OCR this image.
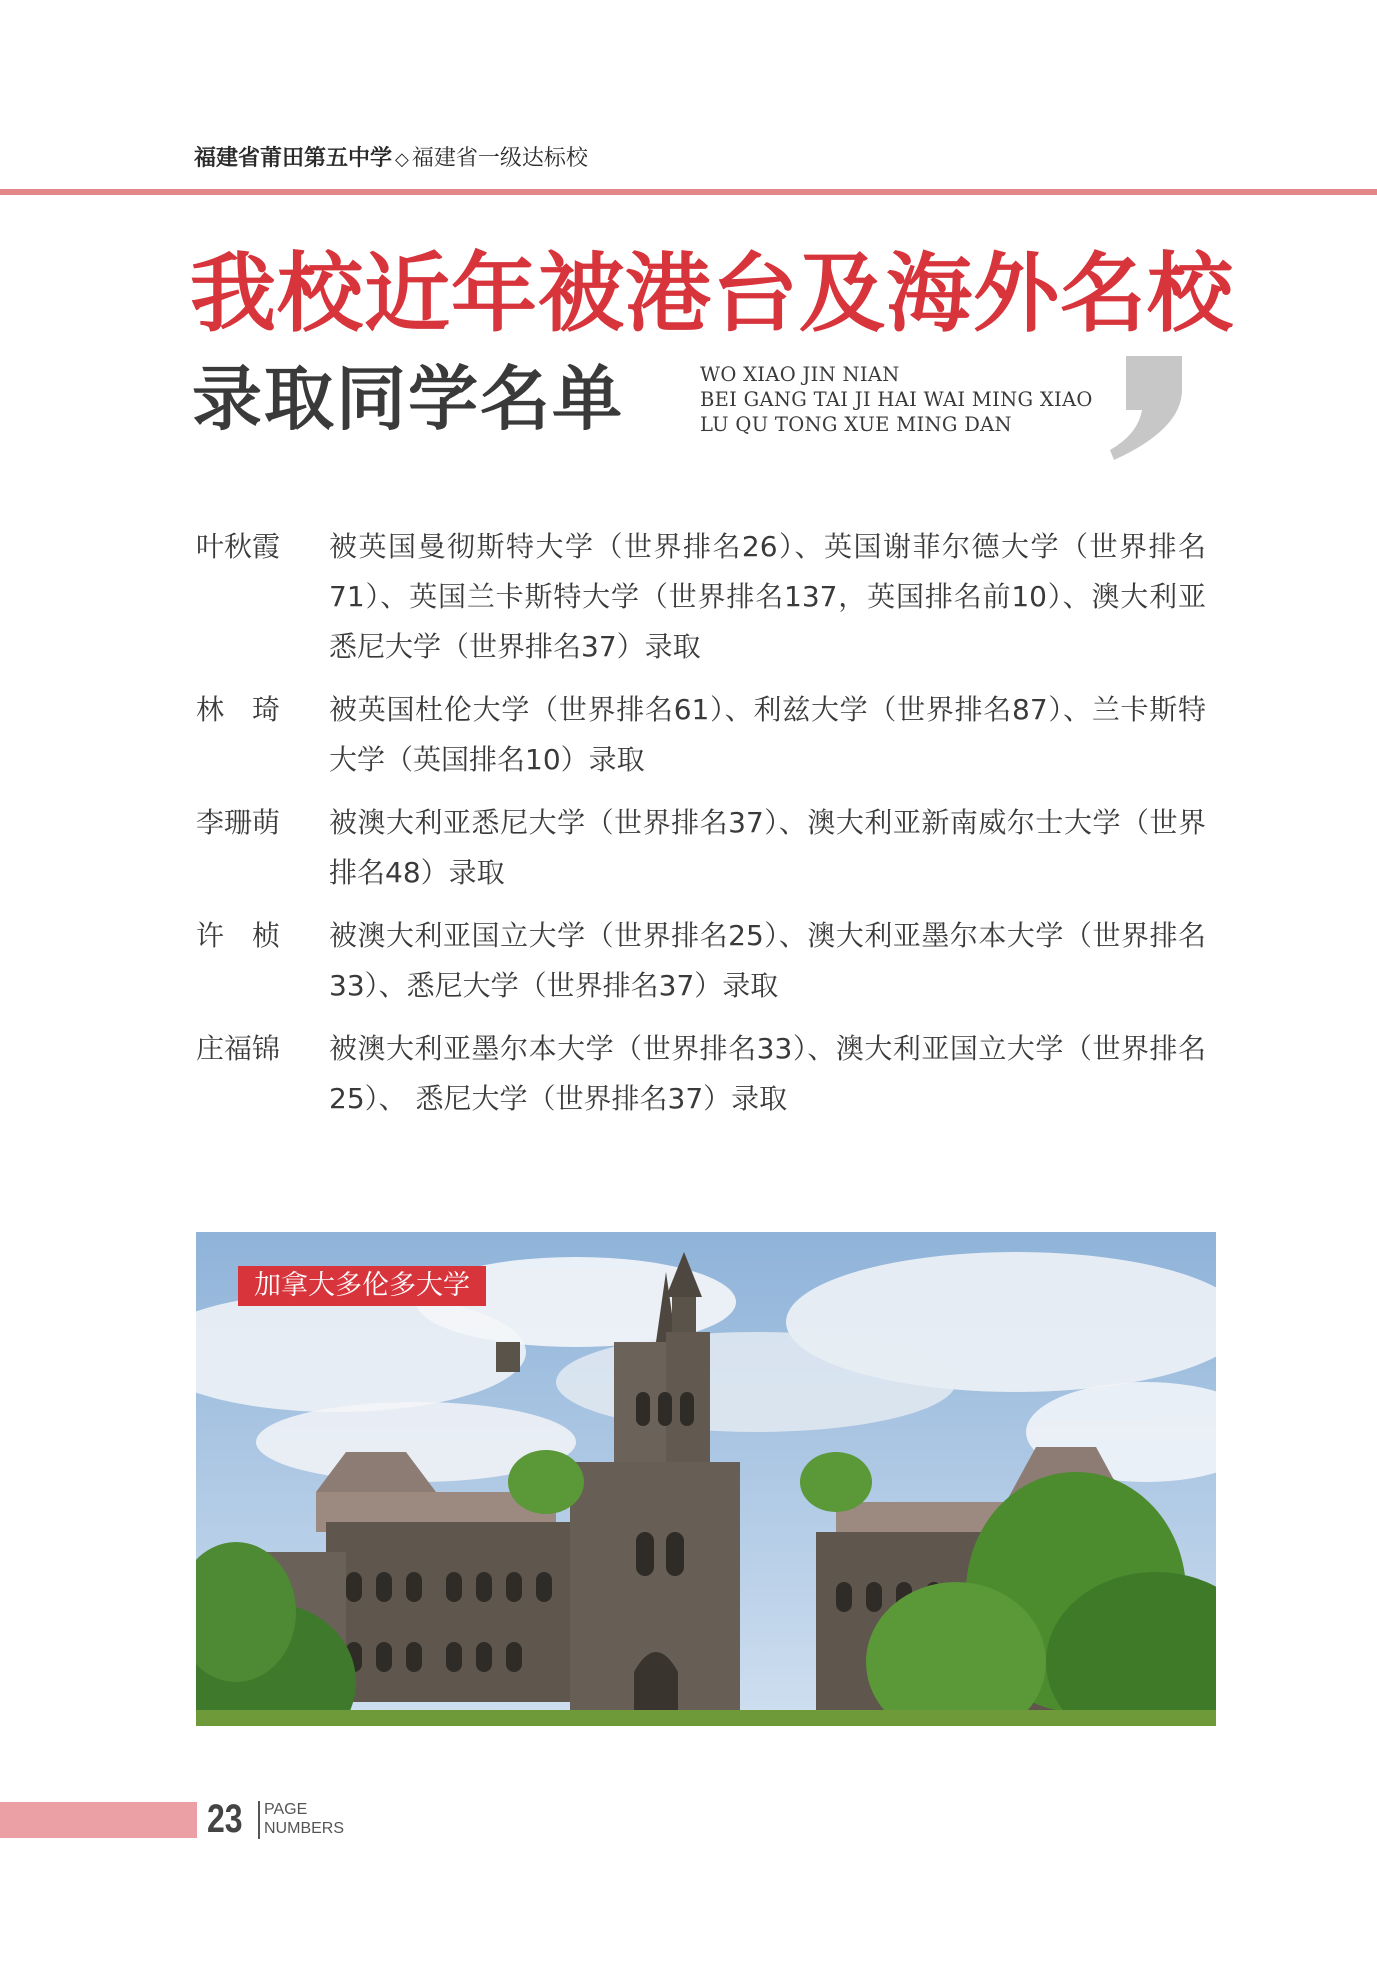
福建省莆田第五中学 ◇ 福建省一级达标校
我校近年被港台及海外名校
录取同学名单	WO XIAO JIN NIAN
BEI GANG TAI JI HAI WAI MING XIAO
LU QU TONG XUE MING DAN
叶秋霞	被英国曼彻斯特大学（世界排名26）、英国谢菲尔德大学（世界排名71）、英国兰卡斯特大学（世界排名137，英国排名前10）、澳大利亚悉尼大学（世界排名37）录取
林　琦	被英国杜伦大学（世界排名61）、利兹大学（世界排名87）、兰卡斯特大学（英国排名10）录取
李珊萌	被澳大利亚悉尼大学（世界排名37）、澳大利亚新南威尔士大学（世界排名48）录取
许　桢	被澳大利亚国立大学（世界排名25）、澳大利亚墨尔本大学（世界排名33）、悉尼大学（世界排名37）录取
庄福锦	被澳大利亚墨尔本大学（世界排名33）、澳大利亚国立大学（世界排名25）、 悉尼大学（世界排名37）录取
加拿大多伦多大学
23 PAGE
NUMBERS
